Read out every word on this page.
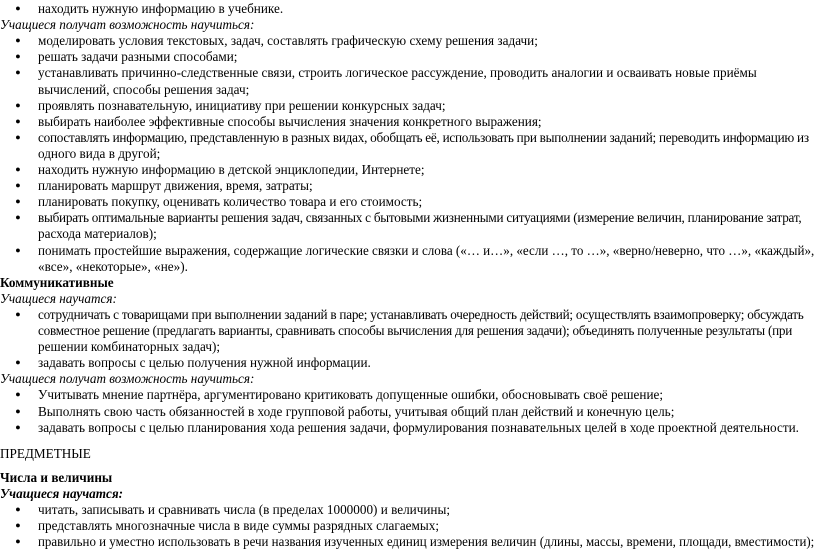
● находить нужную информацию в учебнике.
Учащиеся получат возможность научиться:
● моделировать условия текстовых, задач, составлять графическую схему решения задачи;
● решать задачи разными способами;
● устанавливать причинно-следственные связи, строить логическое рассуждение, проводить аналогии и осваивать новые приёмы
вычислений, способы решения задач;
● проявлять познавательную, инициативу при решении конкурсных задач;
● выбирать наиболее эффективные способы вычисления значения конкретного выражения;
● сопоставлять информацию, представленную в разных видах, обобщать её, использовать при выполнении заданий; переводить информацию из
одного вида в другой;
● находить нужную информацию в детской энциклопедии, Интернете;
● планировать маршрут движения, время, затраты;
● планировать покупку, оценивать количество товара и его стоимость;
● выбирать оптимальные варианты решения задач, связанных с бытовыми жизненными ситуациями (измерение величин, планирование затрат,
расхода материалов);
● понимать простейшие выражения, содержащие логические связки и слова («… и…», «если …, то …», «верно/неверно, что …», «каждый»,
«все», «некоторые», «не»).
Коммуникативные
Учащиеся научатся:
● сотрудничать с товарищами при выполнении заданий в паре; устанавливать очередность действий; осуществлять взаимопроверку; обсуждать
совместное решение (предлагать варианты, сравнивать способы вычисления для решения задачи); объединять полученные результаты (при
решении комбинаторных задач);
● задавать вопросы с целью получения нужной информации.
Учащиеся получат возможность научиться:
● Учитывать мнение партнёра, аргументировано критиковать допущенные ошибки, обосновывать своё решение;
● Выполнять свою часть обязанностей в ходе групповой работы, учитывая общий план действий и конечную цель;
● задавать вопросы с целью планирования хода решения задачи, формулирования познавательных целей в ходе проектной деятельности.
ПРЕДМЕТНЫЕ
Числа и величины
Учащиеся научатся:
● читать, записывать и сравнивать числа (в пределах 1000000) и величины;
● представлять многозначные числа в виде суммы разрядных слагаемых;
● правильно и уместно использовать в речи названия изученных единиц измерения величин (длины, массы, времени, площади, вместимости);
